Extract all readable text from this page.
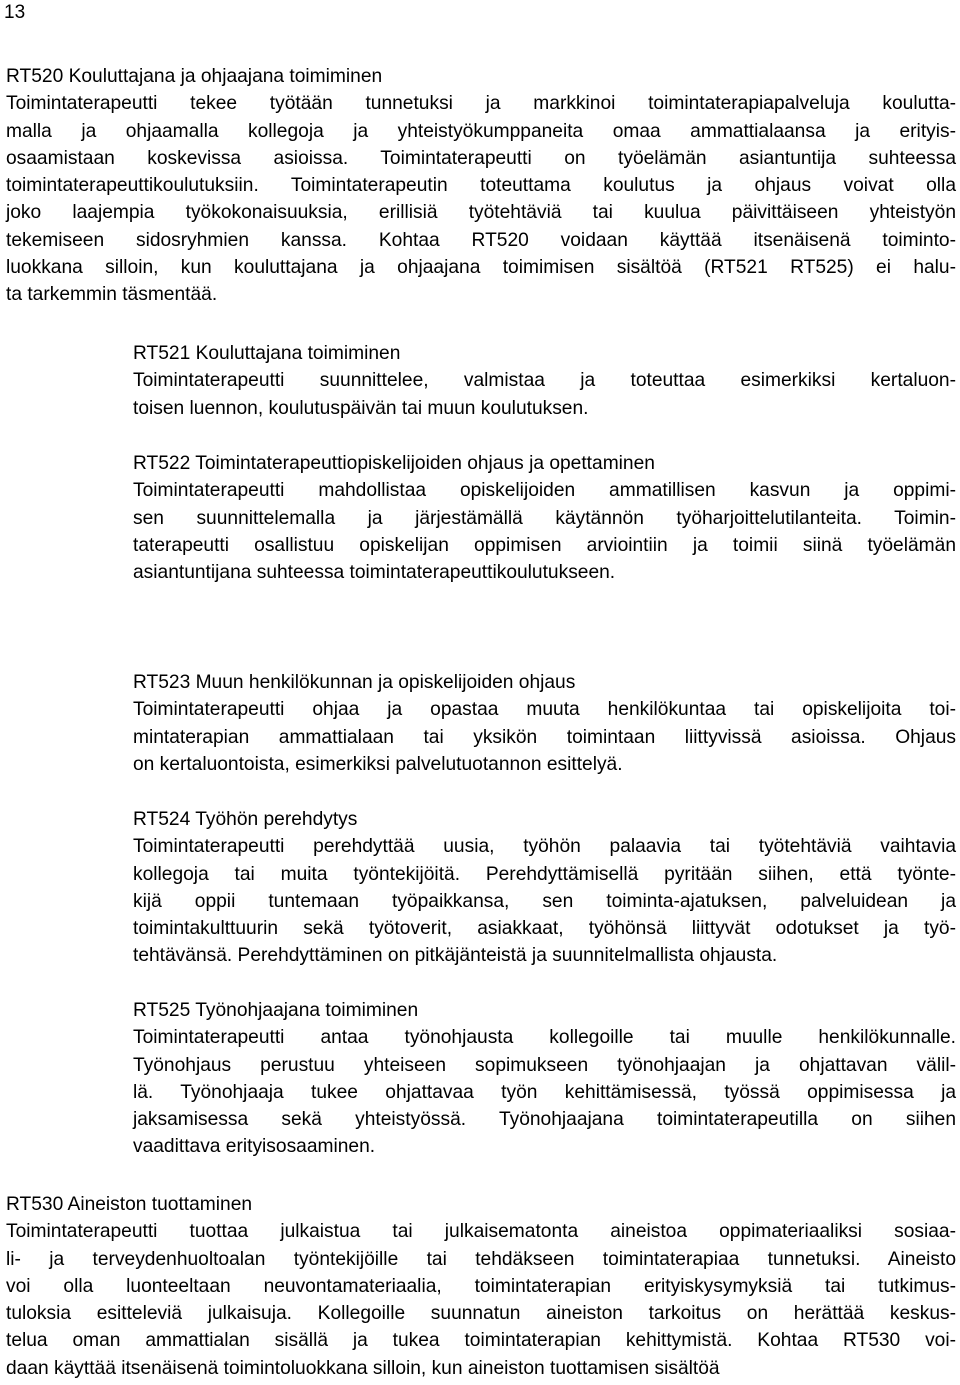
13
RT520 Kouluttajana ja ohjaajana toimiminen
Toimintaterapeutti tekee työtään tunnetuksi ja markkinoi toimintaterapiapalveluja koulutta-
malla ja ohjaamalla kollegoja ja yhteistyökumppaneita omaa ammattialaansa ja erityis-
osaamistaan koskevissa asioissa. Toimintaterapeutti on työelämän asiantuntija suhteessa
toimintaterapeuttikoulutuksiin. Toimintaterapeutin toteuttama koulutus ja ohjaus voivat olla
joko laajempia työkokonaisuuksia, erillisiä työtehtäviä tai kuulua päivittäiseen yhteistyön
tekemiseen sidosryhmien kanssa. Kohtaa RT520 voidaan käyttää itsenäisenä toiminto-
luokkana silloin, kun kouluttajana ja ohjaajana toimimisen sisältöä (RT521 RT525) ei halu-
ta tarkemmin täsmentää.
RT521 Kouluttajana toimiminen
Toimintaterapeutti suunnittelee, valmistaa ja toteuttaa esimerkiksi kertaluon-
toisen luennon, koulutuspäivän tai muun koulutuksen.
RT522 Toimintaterapeuttiopiskelijoiden ohjaus ja opettaminen
Toimintaterapeutti mahdollistaa opiskelijoiden ammatillisen kasvun ja oppimi-
sen suunnittelemalla ja järjestämällä käytännön työharjoittelutilanteita. Toimin-
taterapeutti osallistuu opiskelijan oppimisen arviointiin ja toimii siinä työelämän
asiantuntijana suhteessa toimintaterapeuttikoulutukseen.
RT523 Muun henkilökunnan ja opiskelijoiden ohjaus
Toimintaterapeutti ohjaa ja opastaa muuta henkilökuntaa tai opiskelijoita toi-
mintaterapian ammattialaan tai yksikön toimintaan liittyvissä asioissa. Ohjaus
on kertaluontoista, esimerkiksi palvelutuotannon esittelyä.
RT524 Työhön perehdytys
Toimintaterapeutti perehdyttää uusia, työhön palaavia tai työtehtäviä vaihtavia
kollegoja tai muita työntekijöitä. Perehdyttämisellä pyritään siihen, että työnte-
kijä oppii tuntemaan työpaikkansa, sen toiminta-ajatuksen, palveluidean ja
toimintakulttuurin sekä työtoverit, asiakkaat, työhönsä liittyvät odotukset ja työ-
tehtävänsä. Perehdyttäminen on pitkäjänteistä ja suunnitelmallista ohjausta.
RT525 Työnohjaajana toimiminen
Toimintaterapeutti antaa työnohjausta kollegoille tai muulle henkilökunnalle.
Työnohjaus perustuu yhteiseen sopimukseen työnohjaajan ja ohjattavan välil-
lä. Työnohjaaja tukee ohjattavaa työn kehittämisessä, työssä oppimisessa ja
jaksamisessa sekä yhteistyössä. Työnohjaajana toimintaterapeutilla on siihen
vaadittava erityisosaaminen.
RT530 Aineiston tuottaminen
Toimintaterapeutti tuottaa julkaistua tai julkaisematonta aineistoa oppimateriaaliksi sosiaa-
li- ja terveydenhuoltoalan työntekijöille tai tehdäkseen toimintaterapiaa tunnetuksi. Aineisto
voi olla luonteeltaan neuvontamateriaalia, toimintaterapian erityiskysymyksiä tai tutkimus-
tuloksia esitteleviä julkaisuja. Kollegoille suunnatun aineiston tarkoitus on herättää keskus-
telua oman ammattialan sisällä ja tukea toimintaterapian kehittymistä. Kohtaa RT530 voi-
daan käyttää itsenäisenä toimintoluokkana silloin, kun aineiston tuottamisen sisältöä
